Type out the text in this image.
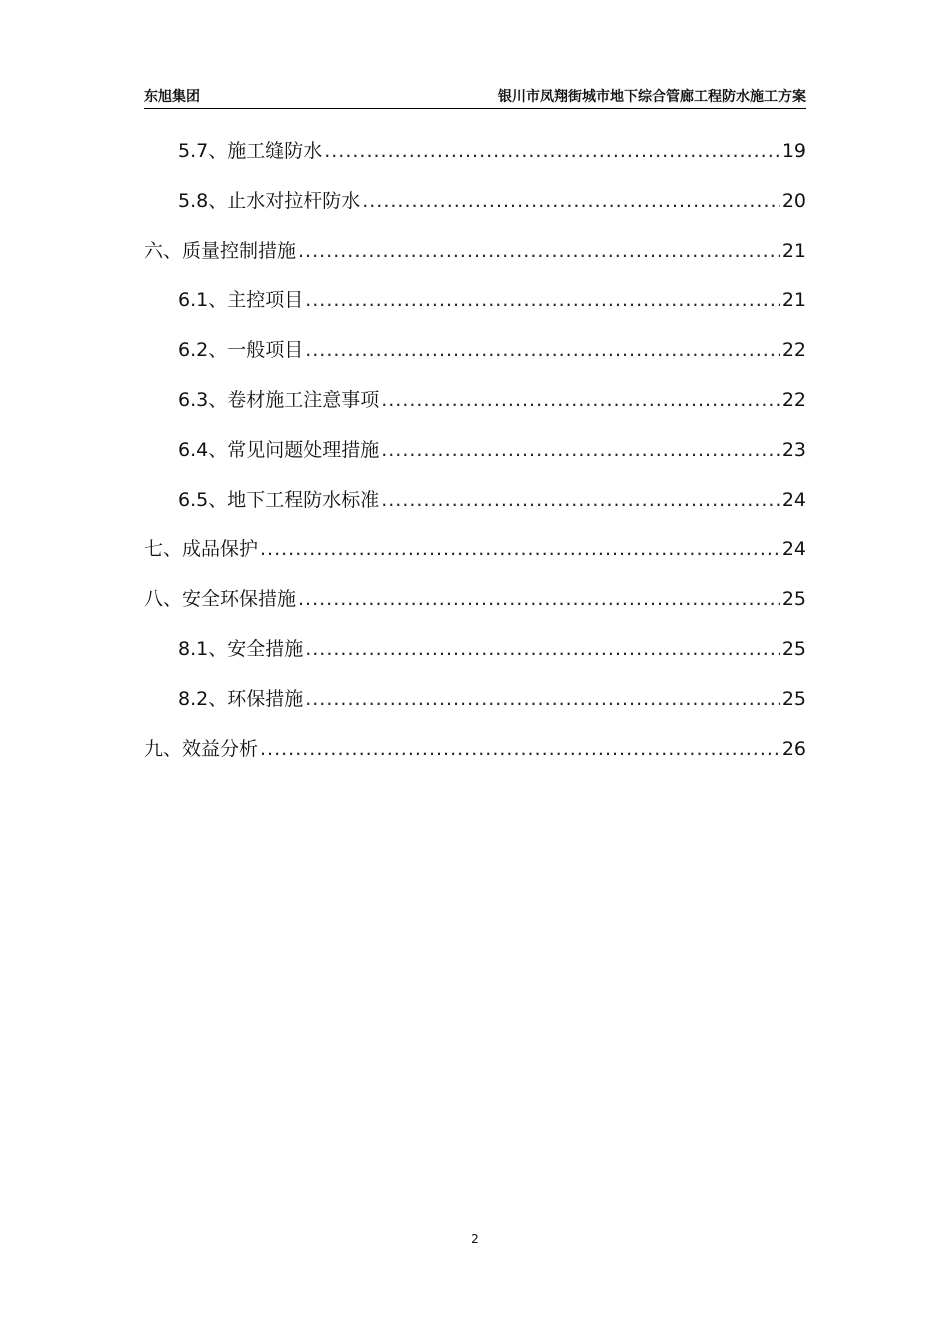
东旭集团	银川市凤翔街城市地下综合管廊工程防水施工方案
5.7、施工缝防水 .....	19
5.8、止水对拉杆防水 .....	20
六、质量控制措施 .....	21
6.1、主控项目 .....	21
6.2、一般项目 .....	22
6.3、卷材施工注意事项 .....	22
6.4、常见问题处理措施 .....	23
6.5、地下工程防水标准 .....	24
七、成品保护 .....	24
八、安全环保措施 .....	25
8.1、安全措施 .....	25
8.2、环保措施 .....	25
九、效益分析 .....	26
2
